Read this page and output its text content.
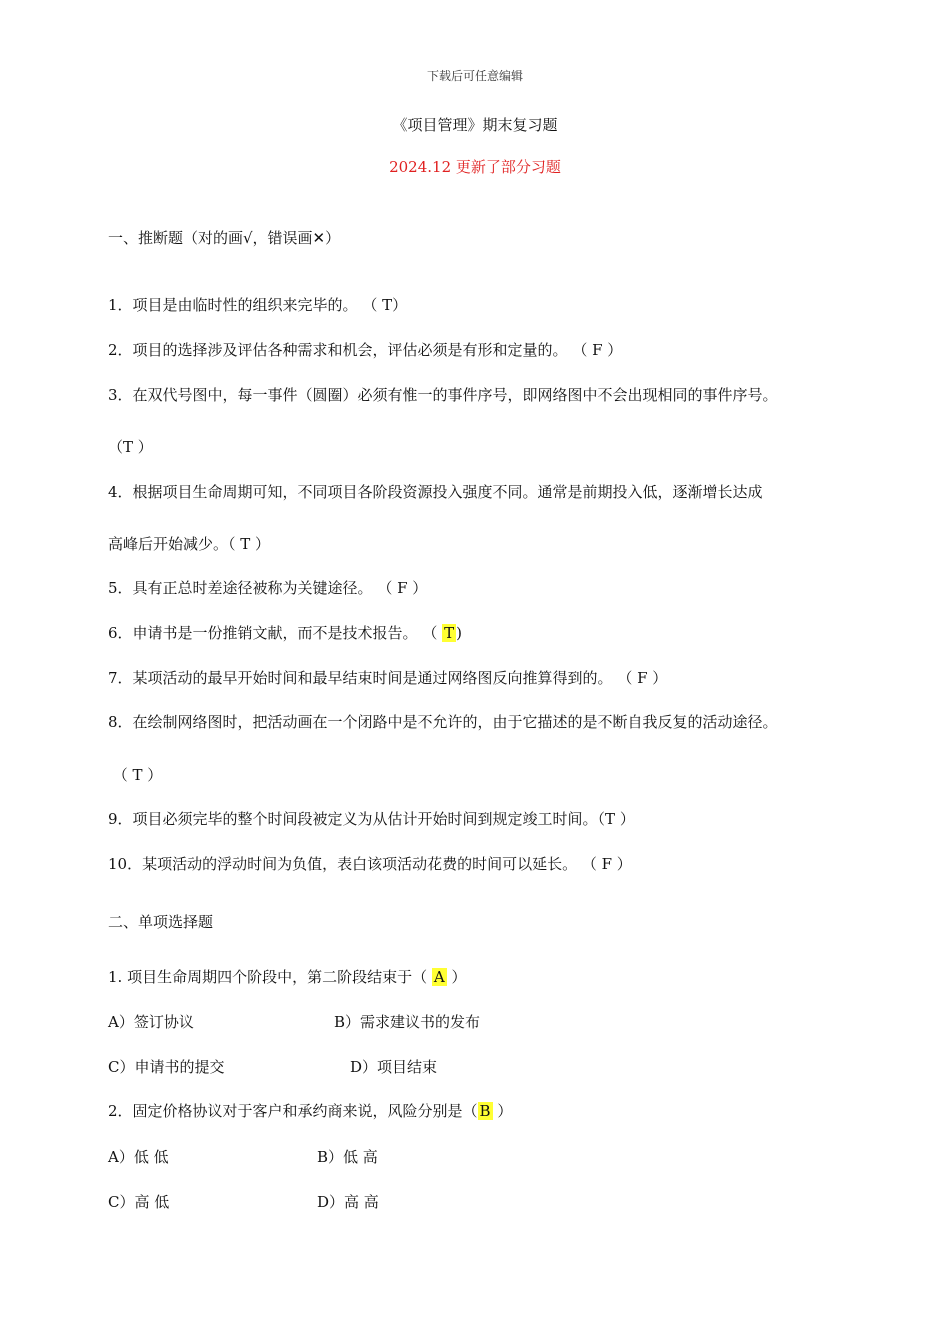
下载后可任意编辑
《项目管理》期末复习题
2024.12 更新了部分习题
一、推断题（对的画√，错误画✕）
1．项目是由临时性的组织来完毕的。 （ T）
2．项目的选择涉及评估各种需求和机会，评估必须是有形和定量的。 （ F ）
3．在双代号图中，每一事件（圆圈）必须有惟一的事件序号，即网络图中不会出现相同的事件序号。
（T ）
4．根据项目生命周期可知，不同项目各阶段资源投入强度不同。通常是前期投入低，逐渐增长达成
高峰后开始减少。（ T ）
5．具有正总时差途径被称为关键途径。 （ F ）
6．申请书是一份推销文献，而不是技术报告。 （ T )
7．某项活动的最早开始时间和最早结束时间是通过网络图反向推算得到的。 （ F ）
8．在绘制网络图时，把活动画在一个闭路中是不允许的，由于它描述的是不断自我反复的活动途径。
（ T ）
9．项目必须完毕的整个时间段被定义为从估计开始时间到规定竣工时间。（T ）
10．某项活动的浮动时间为负值，表白该项活动花费的时间可以延长。 （ F ）
二、单项选择题
1. 项目生命周期四个阶段中，第二阶段结束于（ A ）
A）签订协议	B）需求建议书的发布
C）申请书的提交	D）项目结束
2．固定价格协议对于客户和承约商来说，风险分别是（ B ）
A）低 低	B）低 高
C）高 低	D）高 高
